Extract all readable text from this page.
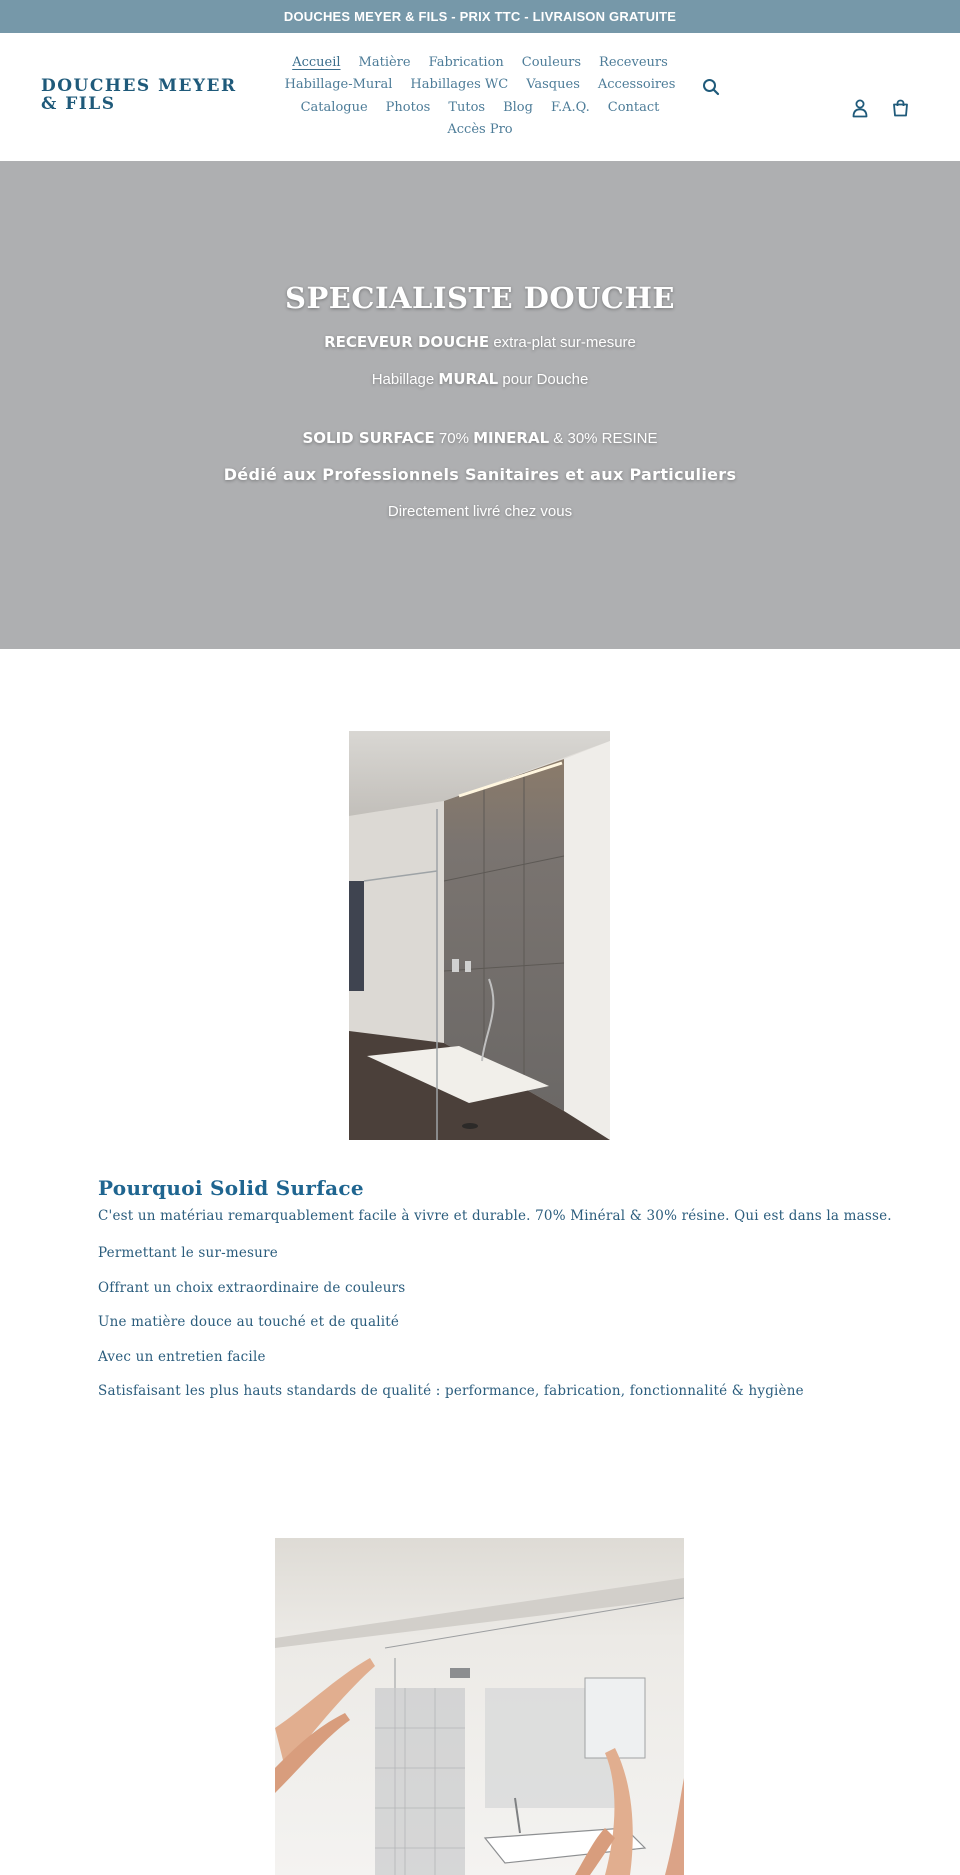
DOUCHES MEYER & FILS - PRIX TTC - LIVRAISON GRATUITE
DOUCHES MEYER & FILS
Accueil Matière Fabrication Couleurs Receveurs
Habillage-Mural Habillages WC Vasques Accessoires
Catalogue Photos Tutos Blog F.A.Q. Contact
Accès Pro
SPECIALISTE DOUCHE

RECEVEUR DOUCHE extra-plat sur-mesure

Habillage MURAL pour Douche

SOLID SURFACE 70% MINERAL & 30% RESINE

Dédié aux Professionnels Sanitaires et aux Particuliers

Directement livré chez vous

Pourquoi Solid Surface

C'est un matériau remarquablement facile à vivre et durable. 70% Minéral & 30% résine. Qui est dans la masse.

Permettant le sur-mesure

Offrant un choix extraordinaire de couleurs

Une matière douce au touché et de qualité

Avec un entretien facile

Satisfaisant les plus hauts standards de qualité : performance, fabrication, fonctionnalité & hygiène
